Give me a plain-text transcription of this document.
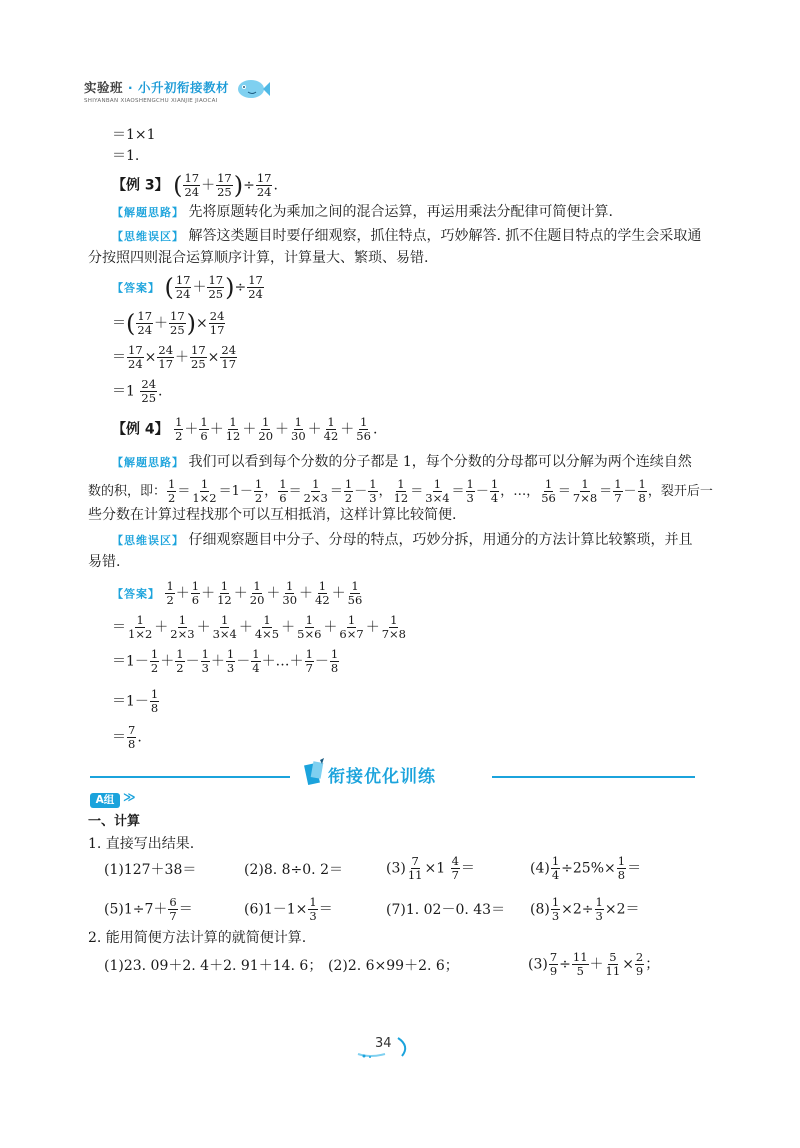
实验班 · 小升初衔接教材
SHIYANBAN XIAOSHENGCHU XIANJIE JIAOCAI
＝1×1
＝1.
【例 3】 ( $\frac{17}{24} + \frac{17}{25}$ )÷ $\frac{17}{24}$ .
【解题思路】 先将原题转化为乘加之间的混合运算，再运用乘法分配律可简便计算.
【思维误区】 解答这类题目时要仔细观察，抓住特点，巧妙解答. 抓不住题目特点的学生会采取通
分按照四则混合运算顺序计算，计算量大、繁琐、易错.
【答案】 ( $\frac{17}{24} + \frac{17}{25}$ )÷ $\frac{17}{24}$
＝( $\frac{17}{24} + \frac{17}{25}$ )× $\frac{24}{17}$
＝ $\frac{17}{24} \times \frac{24}{17} + \frac{17}{25} \times \frac{24}{17}$
$=1 \frac{24}{25}$ .
【例 4】 $\frac{1}{2} + \frac{1}{6} + \frac{1}{12} + \frac{1}{20} + \frac{1}{30} + \frac{1}{42} + \frac{1}{56}$ .
【解题思路】 我们可以看到每个分数的分子都是 1，每个分数的分母都可以分解为两个连续自然
数的积，即： $\frac{1}{2} = \frac{1}{1\times 2} =1- \frac{1}{2}$ ， $\frac{1}{6} = \frac{1}{2\times 3} = \frac{1}{2} - \frac{1}{3}$ ， $\frac{1}{12} = \frac{1}{3\times 4} = \frac{1}{3} - \frac{1}{4}$ ，…， $\frac{1}{56} = \frac{1}{7\times 8} = \frac{1}{7} - \frac{1}{8}$ ，裂开后一
些分数在计算过程找那个可以互相抵消，这样计算比较简便.
【思维误区】 仔细观察题目中分子、分母的特点，巧妙分拆，用通分的方法计算比较繁琐，并且
易错.
【答案】 $\frac{1}{2} + \frac{1}{6} + \frac{1}{12} + \frac{1}{20} + \frac{1}{30} + \frac{1}{42} + \frac{1}{56}$
＝ $\frac{1}{1\times 2} + \frac{1}{2\times 3} + \frac{1}{3\times 4} + \frac{1}{4\times 5} + \frac{1}{5\times 6} + \frac{1}{6\times 7} + \frac{1}{7\times 8}$
$=1- \frac{1}{2} + \frac{1}{2} - \frac{1}{3} + \frac{1}{3} - \frac{1}{4}$ ＋…＋ $\frac{1}{7} - \frac{1}{8}$
$=1- \frac{1}{8}$
＝ $\frac{7}{8}$ .
衔接优化训练
A组 ≫
一、计算
1. 直接写出结果.
(1)127＋38＝	(2)8. 8÷0. 2＝	$(3) \frac{7}{11} \times 1 \frac{4}{7}$ ＝	$(4) \frac{1}{4} \div 25\%\times \frac{1}{8}$ ＝
$(5)1\div 7+ \frac{6}{7}$ ＝	$(6)1-1\times \frac{1}{3}$ ＝	(7)1. 02－0. $43= (8) \frac{1}{3} \times 2\div \frac{1}{3} \times 2=$
2. 能用简便方法计算的就简便计算.
(1)23. 09＋2. 4＋2. 91＋14. 6； (2)2. 6×99＋2. 6；	$(3) \frac{7}{9} \div \frac{11}{5} + \frac{5}{11} \times \frac{2}{9}$ ；
34
